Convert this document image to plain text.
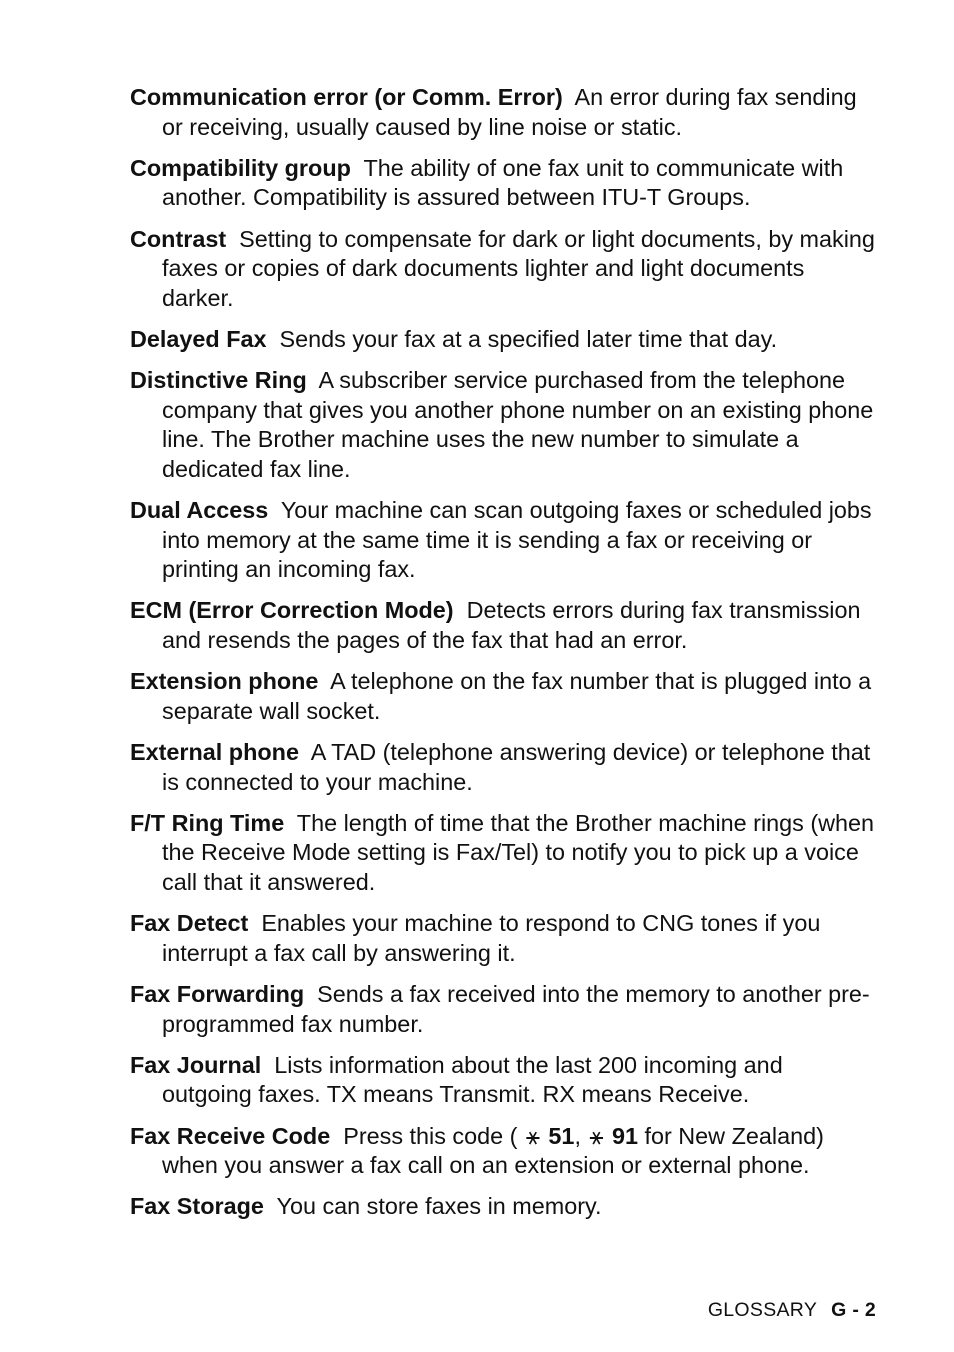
Communication error (or Comm. Error) An error during fax sending or receiving, usually caused by line noise or static.

Compatibility group The ability of one fax unit to communicate with another. Compatibility is assured between ITU-T Groups.

Contrast Setting to compensate for dark or light documents, by making faxes or copies of dark documents lighter and light documents darker.

Delayed Fax  Sends your fax at a specified later time that day.

Distinctive Ring A subscriber service purchased from the telephone company that gives you another phone number on an existing phone line. The Brother machine uses the new number to simulate a dedicated fax line.

Dual Access Your machine can scan outgoing faxes or scheduled jobs into memory at the same time it is sending a fax or receiving or printing an incoming fax.

ECM (Error Correction Mode) Detects errors during fax transmission and resends the pages of the fax that had an error.

Extension phone A telephone on the fax number that is plugged into a separate wall socket.

External phone A TAD (telephone answering device) or telephone that is connected to your machine.

F/T Ring Time The length of time that the Brother machine rings (when the Receive Mode setting is Fax/Tel) to notify you to pick up a voice call that it answered.

Fax Detect Enables your machine to respond to CNG tones if you interrupt a fax call by answering it.

Fax Forwarding  Sends a fax received into the memory to another pre-programmed fax number.

Fax Journal Lists information about the last 200 incoming and outgoing faxes. TX means Transmit. RX means Receive.

Fax Receive Code Press this code ( ⚹ 51, ⚹ 91 for New Zealand) when you answer a fax call on an extension or external phone.

Fax Storage You can store faxes in memory.

GLOSSARY G - 2
